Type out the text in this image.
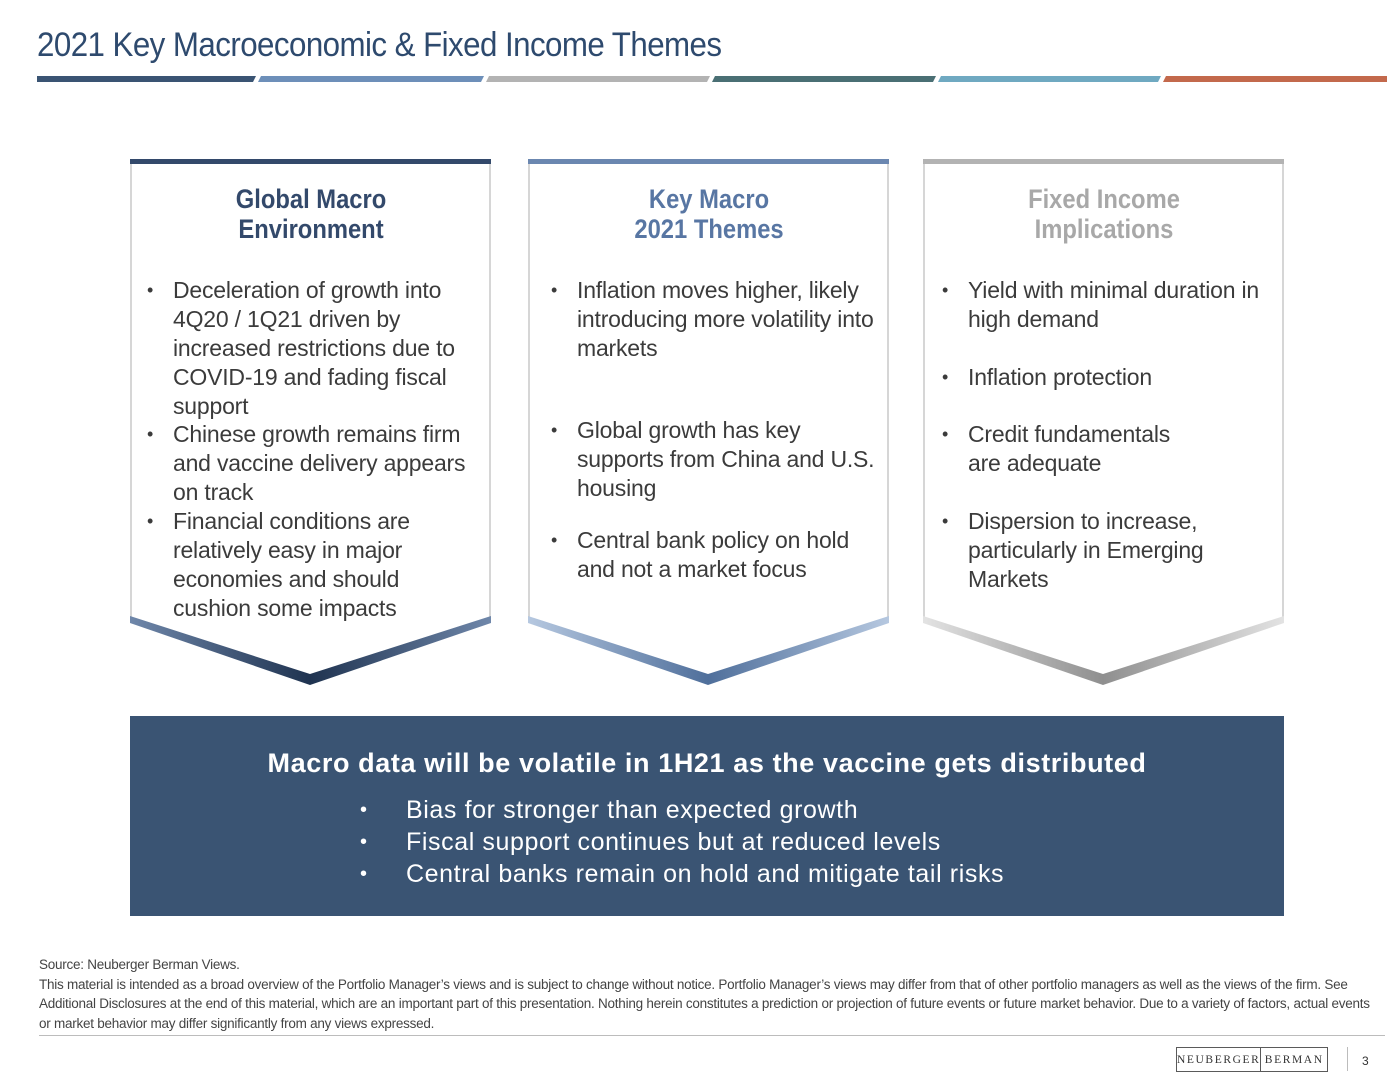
2021 Key Macroeconomic & Fixed Income Themes
Global Macro
Environment
• Deceleration of growth into 4Q20 / 1Q21 driven by increased restrictions due to COVID-19 and fading fiscal support
• Chinese growth remains firm and vaccine delivery appears on track
• Financial conditions are relatively easy in major economies and should cushion some impacts
Key Macro
2021 Themes
• Inflation moves higher, likely introducing more volatility into markets
• Global growth has key supports from China and U.S. housing
• Central bank policy on hold and not a market focus
Fixed Income
Implications
• Yield with minimal duration in high demand
• Inflation protection
• Credit fundamentals are adequate
• Dispersion to increase, particularly in Emerging Markets
Macro data will be volatile in 1H21 as the vaccine gets distributed
• Bias for stronger than expected growth
• Fiscal support continues but at reduced levels
• Central banks remain on hold and mitigate tail risks
Source: Neuberger Berman Views.
This material is intended as a broad overview of the Portfolio Manager’s views and is subject to change without notice. Portfolio Manager’s views may differ from that of other portfolio managers as well as the views of the firm. See Additional Disclosures at the end of this material, which are an important part of this presentation. Nothing herein constitutes a prediction or projection of future events or future market behavior. Due to a variety of factors, actual events or market behavior may differ significantly from any views expressed.
NEUBERGER BERMAN	3
